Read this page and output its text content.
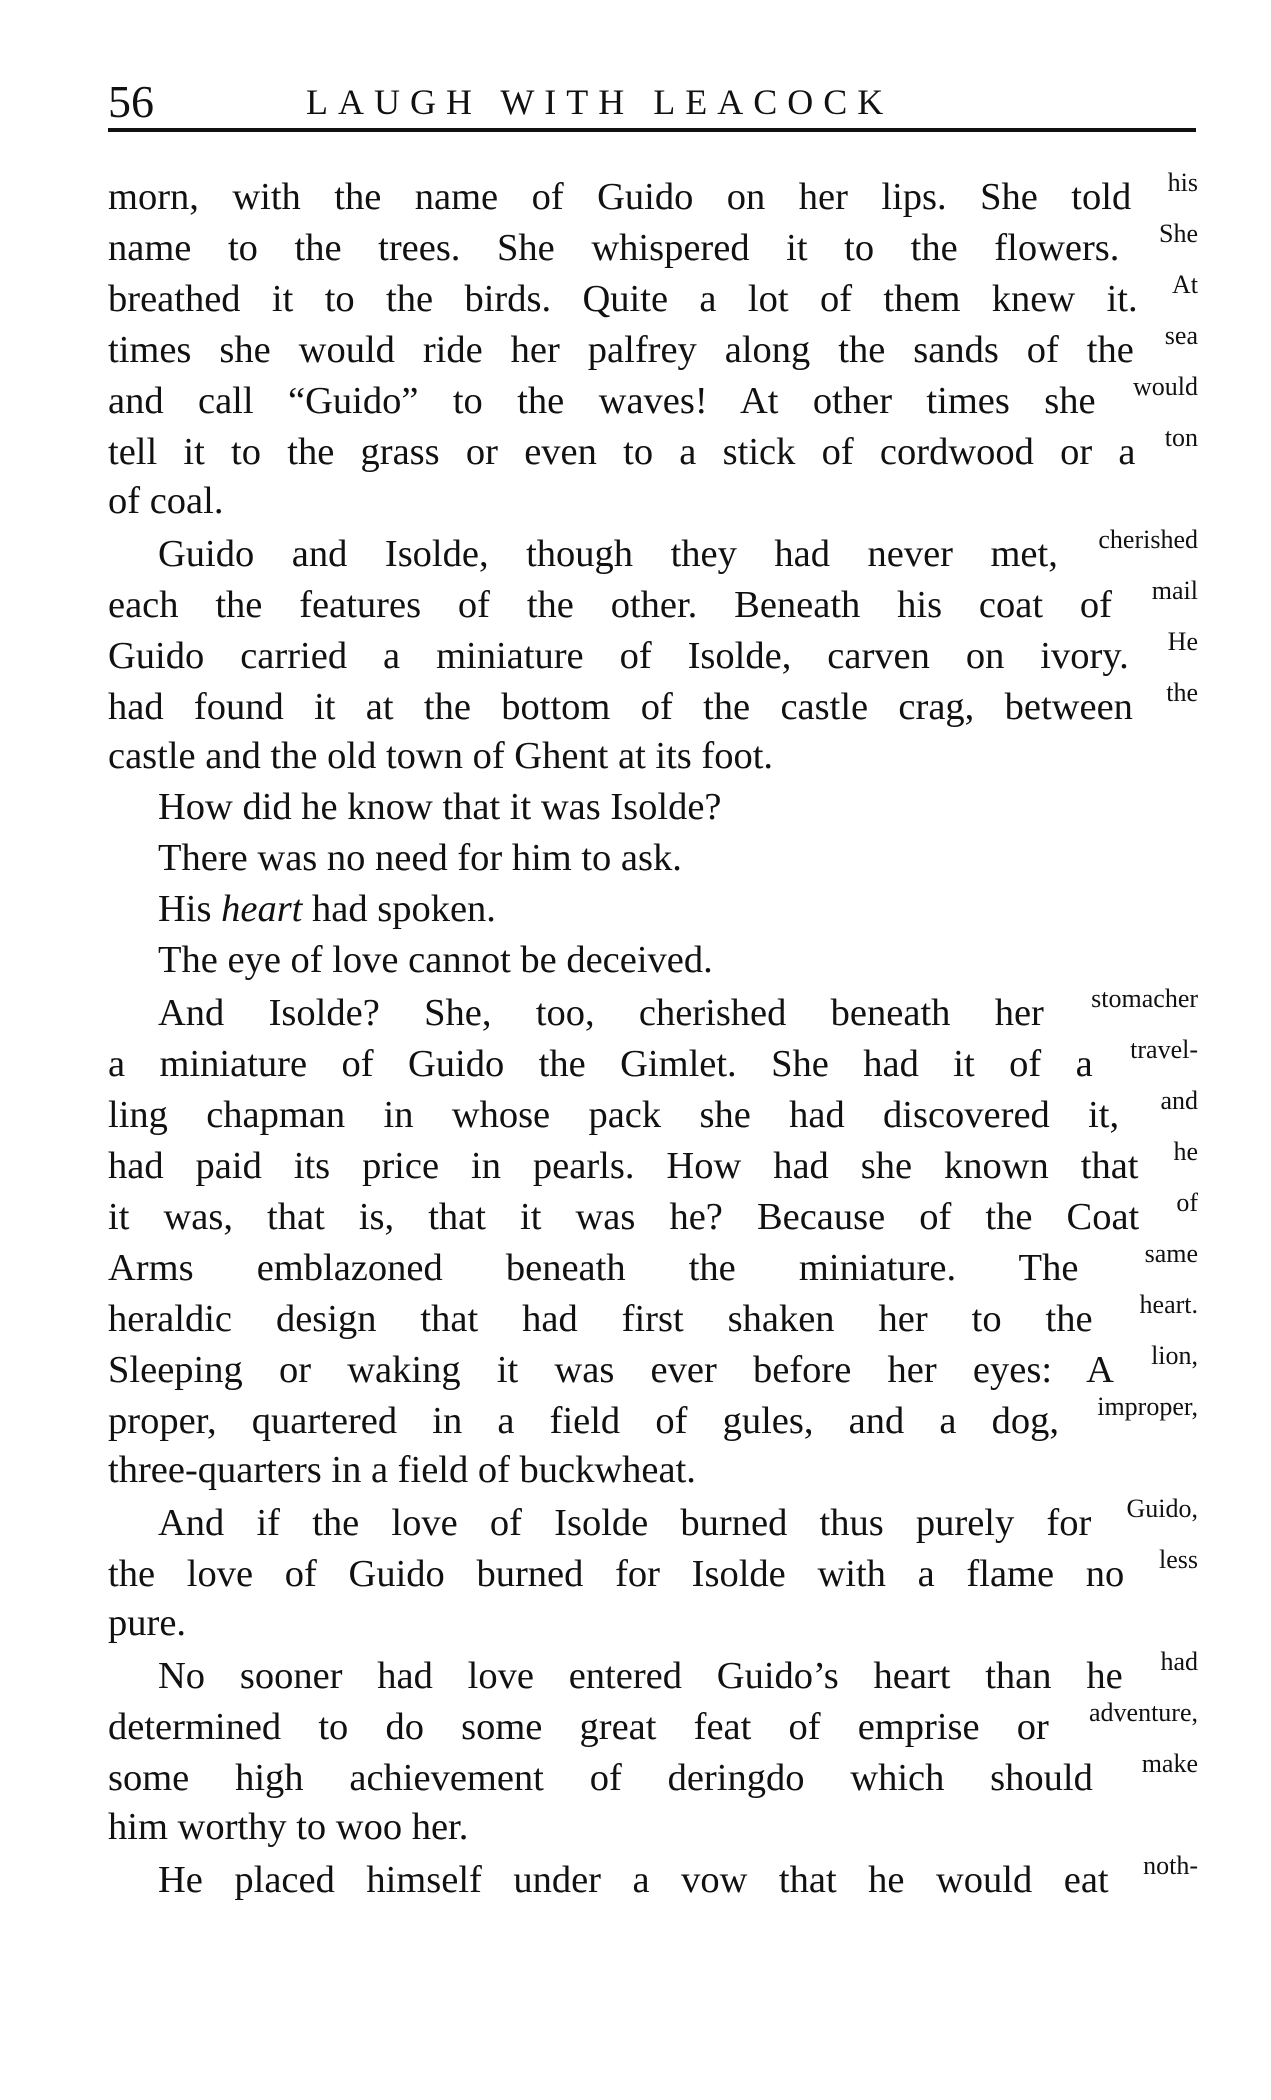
56	LAUGH WITH LEACOCK
morn, with the name of Guido on her lips. She told his
name to the trees. She whispered it to the flowers. She
breathed it to the birds. Quite a lot of them knew it. At
times she would ride her palfrey along the sands of the sea
and call “Guido” to the waves! At other times she would
tell it to the grass or even to a stick of cordwood or a ton
of coal.
Guido and Isolde, though they had never met, cherished
each the features of the other. Beneath his coat of mail
Guido carried a miniature of Isolde, carven on ivory. He
had found it at the bottom of the castle crag, between the
castle and the old town of Ghent at its foot.
How did he know that it was Isolde?
There was no need for him to ask.
His heart had spoken.
The eye of love cannot be deceived.
And Isolde? She, too, cherished beneath her stomacher
a miniature of Guido the Gimlet. She had it of a travel-
ling chapman in whose pack she had discovered it, and
had paid its price in pearls. How had she known that he
it was, that is, that it was he? Because of the Coat of
Arms emblazoned beneath the miniature. The	same
heraldic design that had first shaken her to the heart.
Sleeping or waking it was ever before her eyes: A lion,
proper, quartered in a field of gules, and a dog, improper,
three-quarters in a field of buckwheat.
And if the love of Isolde burned thus purely for Guido,
the love of Guido burned for Isolde with a flame no less
pure.
No sooner had love entered Guido’s heart than he had
determined to do some great feat of emprise or adventure,
some high achievement of deringdo which should make
him worthy to woo her.
He placed himself under a vow that he would eat noth-
